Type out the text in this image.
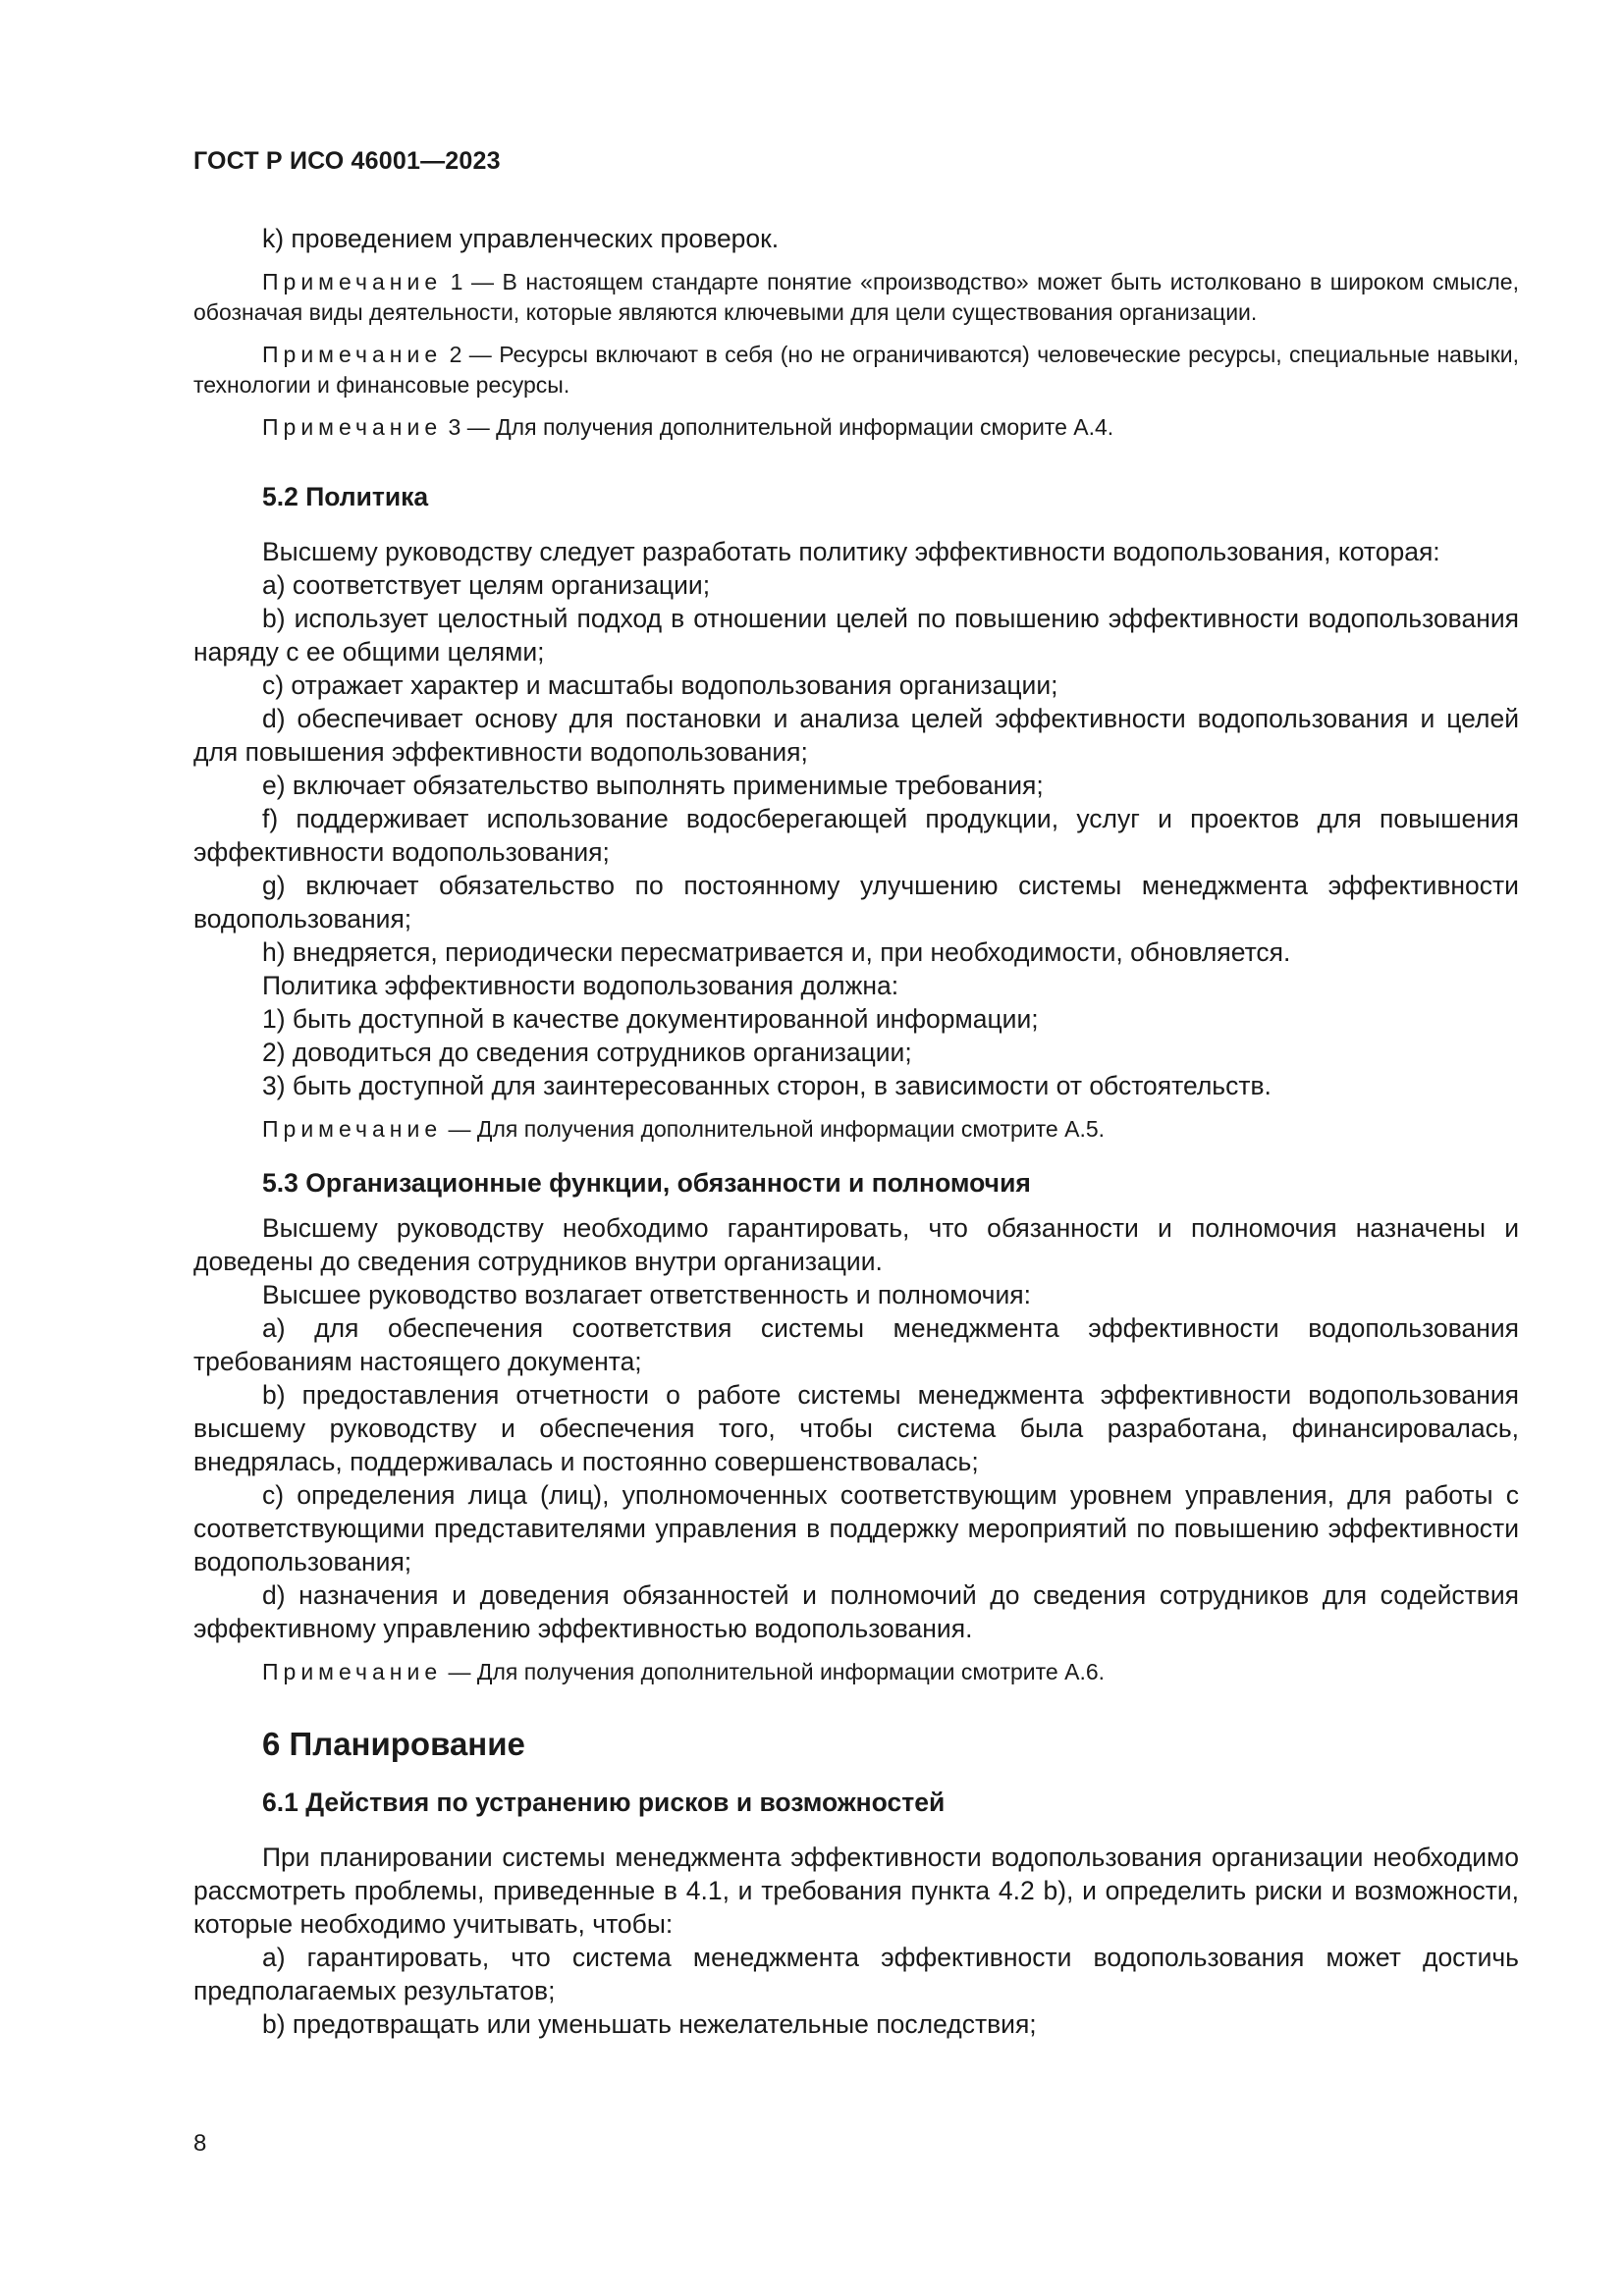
ГОСТ Р ИСО 46001—2023

k) проведением управленческих проверок.

Примечание 1 — В настоящем стандарте понятие «производство» может быть истолковано в широком смысле, обозначая виды деятельности, которые являются ключевыми для цели существования организации.

Примечание 2 — Ресурсы включают в себя (но не ограничиваются) человеческие ресурсы, специальные навыки, технологии и финансовые ресурсы.

Примечание 3 — Для получения дополнительной информации сморите А.4.

5.2 Политика

Высшему руководству следует разработать политику эффективности водопользования, которая:

a) соответствует целям организации;

b) использует целостный подход в отношении целей по повышению эффективности водопользования наряду с ее общими целями;

c) отражает характер и масштабы водопользования организации;

d) обеспечивает основу для постановки и анализа целей эффективности водопользования и целей для повышения эффективности водопользования;

e) включает обязательство выполнять применимые требования;

f) поддерживает использование водосберегающей продукции, услуг и проектов для повышения эффективности водопользования;

g) включает обязательство по постоянному улучшению системы менеджмента эффективности водопользования;

h) внедряется, периодически пересматривается и, при необходимости, обновляется.

Политика эффективности водопользования должна:

1) быть доступной в качестве документированной информации;

2) доводиться до сведения сотрудников организации;

3) быть доступной для заинтересованных сторон, в зависимости от обстоятельств.

Примечание — Для получения дополнительной информации смотрите А.5.

5.3 Организационные функции, обязанности и полномочия

Высшему руководству необходимо гарантировать, что обязанности и полномочия назначены и доведены до сведения сотрудников внутри организации.

Высшее руководство возлагает ответственность и полномочия:

a) для обеспечения соответствия системы менеджмента эффективности водопользования требованиям настоящего документа;

b) предоставления отчетности о работе системы менеджмента эффективности водопользования высшему руководству и обеспечения того, чтобы система была разработана, финансировалась, внедрялась, поддерживалась и постоянно совершенствовалась;

c) определения лица (лиц), уполномоченных соответствующим уровнем управления, для работы с соответствующими представителями управления в поддержку мероприятий по повышению эффективности водопользования;

d) назначения и доведения обязанностей и полномочий до сведения сотрудников для содействия эффективному управлению эффективностью водопользования.

Примечание — Для получения дополнительной информации смотрите А.6.

6 Планирование

6.1 Действия по устранению рисков и возможностей

При планировании системы менеджмента эффективности водопользования организации необходимо рассмотреть проблемы, приведенные в 4.1, и требования пункта 4.2 b), и определить риски и возможности, которые необходимо учитывать, чтобы:

a) гарантировать, что система менеджмента эффективности водопользования может достичь предполагаемых результатов;

b) предотвращать или уменьшать нежелательные последствия;

8
